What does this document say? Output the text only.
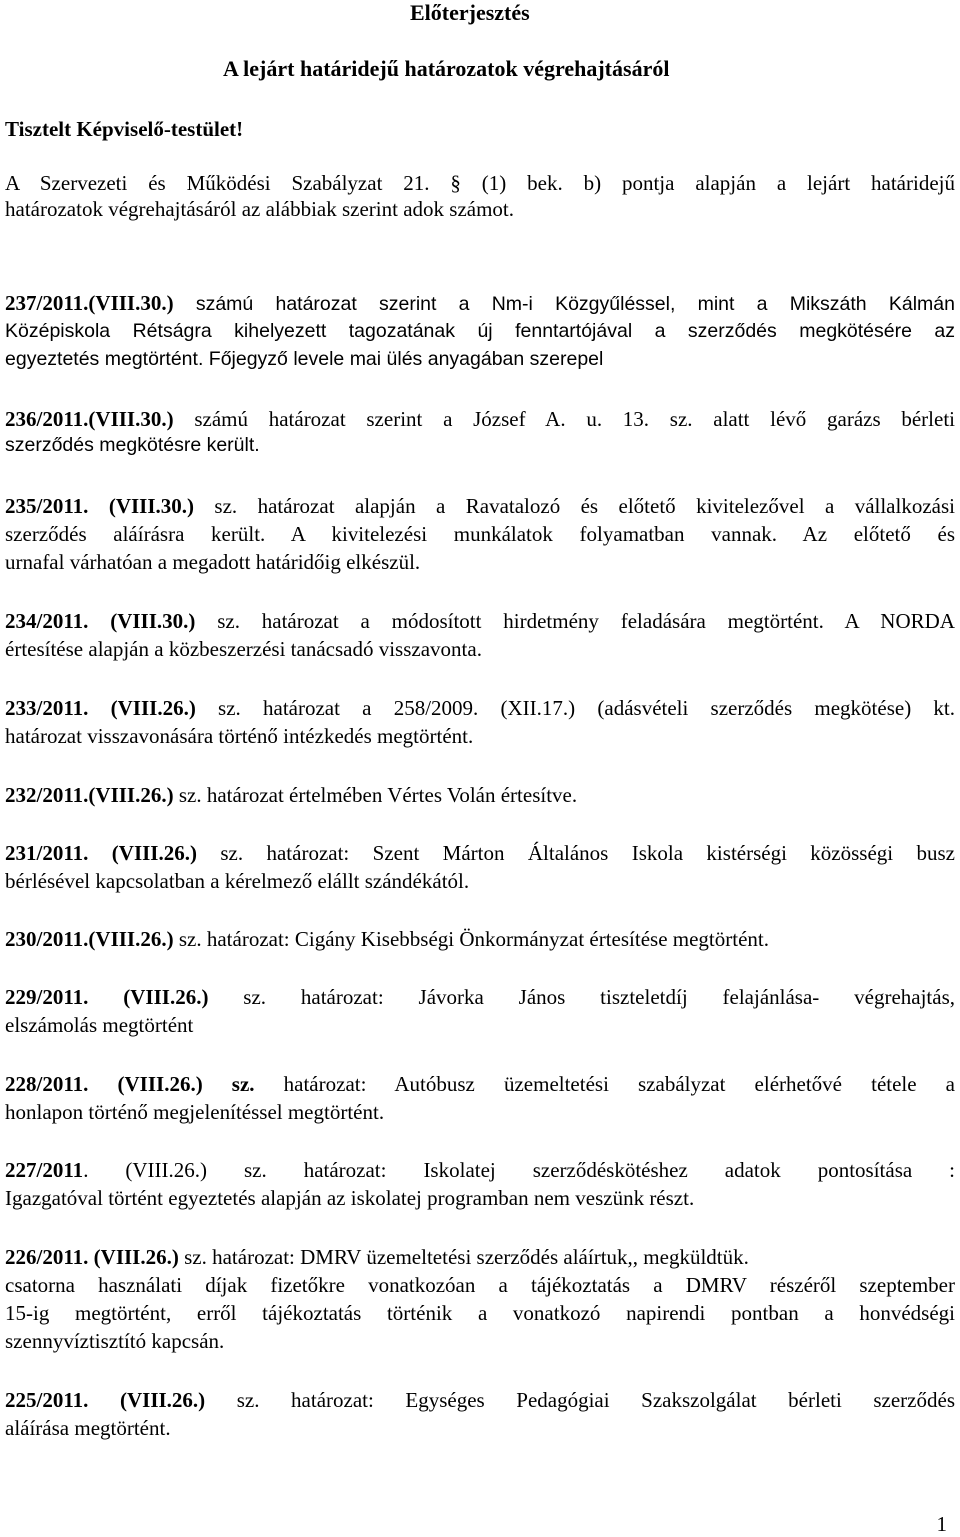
Előterjesztés
A lejárt határidejű határozatok végrehajtásáról
Tisztelt Képviselő-testület!
A Szervezeti és Működési Szabályzat 21. § (1) bek. b) pontja alapján a lejárt határidejű
határozatok végrehajtásáról az alábbiak szerint adok számot.
237/2011.(VIII.30.) számú határozat szerint a Nm-i Közgyűléssel, mint a Mikszáth Kálmán
Középiskola Rétságra kihelyezett tagozatának új fenntartójával a szerződés megkötésére az
egyeztetés megtörtént. Főjegyző levele mai ülés anyagában szerepel
236/2011.(VIII.30.) számú határozat szerint a József A. u. 13. sz. alatt lévő garázs bérleti
szerződés megkötésre került.
235/2011. (VIII.30.) sz. határozat alapján a Ravatalozó és előtető kivitelezővel a vállalkozási
szerződés aláírásra került. A kivitelezési munkálatok folyamatban vannak. Az előtető és
urnafal várhatóan a megadott határidőig elkészül.
234/2011. (VIII.30.) sz. határozat a módosított hirdetmény feladására megtörtént. A NORDA
értesítése alapján a közbeszerzési tanácsadó visszavonta.
233/2011. (VIII.26.) sz. határozat a 258/2009. (XII.17.) (adásvételi szerződés megkötése) kt.
határozat visszavonására történő intézkedés megtörtént.
232/2011.(VIII.26.) sz. határozat értelmében Vértes Volán értesítve.
231/2011. (VIII.26.) sz. határozat: Szent Márton Általános Iskola kistérségi közösségi busz
bérlésével kapcsolatban a kérelmező elállt szándékától.
230/2011.(VIII.26.) sz. határozat: Cigány Kisebbségi Önkormányzat értesítése megtörtént.
229/2011. (VIII.26.) sz. határozat: Jávorka János tiszteletdíj felajánlása- végrehajtás,
elszámolás megtörtént
228/2011. (VIII.26.) sz. határozat: Autóbusz üzemeltetési szabályzat elérhetővé tétele a
honlapon történő megjelenítéssel megtörtént.
227/2011. (VIII.26.) sz. határozat: Iskolatej szerződéskötéshez adatok pontosítása :
Igazgatóval történt egyeztetés alapján az iskolatej programban nem veszünk részt.
226/2011. (VIII.26.) sz. határozat: DMRV üzemeltetési szerződés aláírtuk,, megküldtük.
csatorna használati díjak fizetőkre vonatkozóan a tájékoztatás a DMRV részéről szeptember
15-ig megtörtént, erről tájékoztatás történik a vonatkozó napirendi pontban a honvédségi
szennyvíztisztító kapcsán.
225/2011. (VIII.26.) sz. határozat: Egységes Pedagógiai Szakszolgálat bérleti szerződés
aláírása megtörtént.
1
